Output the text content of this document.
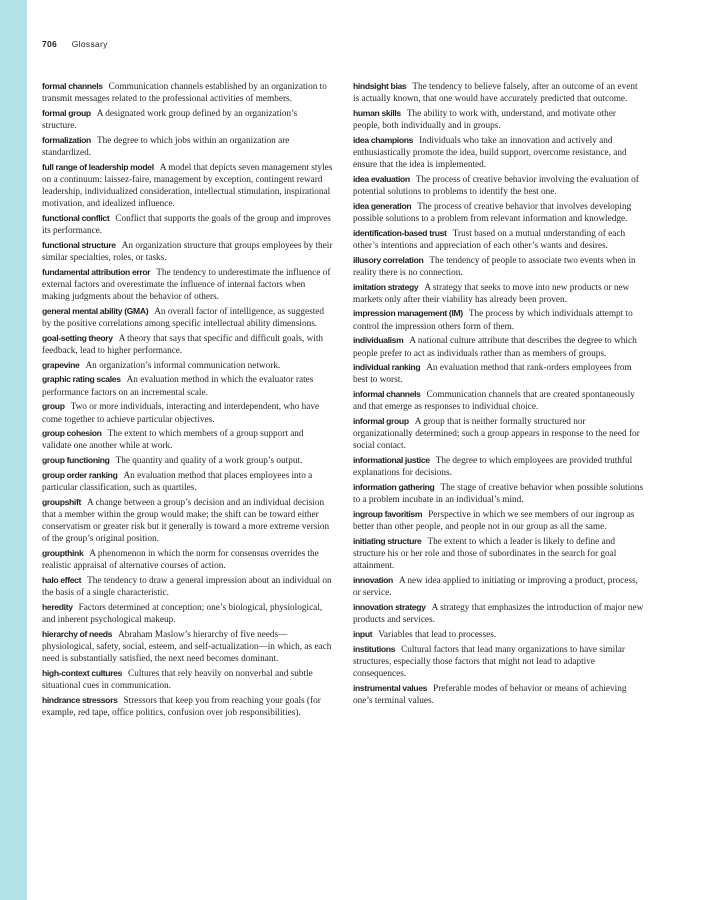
706 Glossary

formal channels Communication channels established by an organization to transmit messages related to the professional activities of members.

formal group A designated work group defined by an organization’s structure.

formalization The degree to which jobs within an organization are standardized.

full range of leadership model A model that depicts seven management styles on a continuum: laissez-faire, management by exception, contingent reward leadership, individualized consideration, intellectual stimulation, inspirational motivation, and idealized influence.

functional conflict Conflict that supports the goals of the group and improves its performance.

functional structure An organization structure that groups employees by their similar specialties, roles, or tasks.

fundamental attribution error The tendency to underestimate the influence of external factors and overestimate the influence of internal factors when making judgments about the behavior of others.

general mental ability (GMA) An overall factor of intelligence, as suggested by the positive correlations among specific intellectual ability dimensions.

goal-setting theory A theory that says that specific and difficult goals, with feedback, lead to higher performance.

grapevine An organization’s informal communication network.

graphic rating scales An evaluation method in which the evaluator rates performance factors on an incremental scale.

group Two or more individuals, interacting and interdependent, who have come together to achieve particular objectives.

group cohesion The extent to which members of a group support and validate one another while at work.

group functioning The quantity and quality of a work group’s output.

group order ranking An evaluation method that places employees into a particular classification, such as quartiles.

groupshift A change between a group’s decision and an individual decision that a member within the group would make; the shift can be toward either conservatism or greater risk but it generally is toward a more extreme version of the group’s original position.

groupthink A phenomenon in which the norm for consensus overrides the realistic appraisal of alternative courses of action.

halo effect The tendency to draw a general impression about an individual on the basis of a single characteristic.

heredity Factors determined at conception; one’s biological, physiological, and inherent psychological makeup.

hierarchy of needs Abraham Maslow’s hierarchy of five needs—physiological, safety, social, esteem, and self-actualization—in which, as each need is substantially satisfied, the next need becomes dominant.

high-context cultures Cultures that rely heavily on nonverbal and subtle situational cues in communication.

hindrance stressors Stressors that keep you from reaching your goals (for example, red tape, office politics, confusion over job responsibilities).

hindsight bias The tendency to believe falsely, after an outcome of an event is actually known, that one would have accurately predicted that outcome.

human skills The ability to work with, understand, and motivate other people, both individually and in groups.

idea champions Individuals who take an innovation and actively and enthusiastically promote the idea, build support, overcome resistance, and ensure that the idea is implemented.

idea evaluation The process of creative behavior involving the evaluation of potential solutions to problems to identify the best one.

idea generation The process of creative behavior that involves developing possible solutions to a problem from relevant information and knowledge.

identification-based trust Trust based on a mutual understanding of each other’s intentions and appreciation of each other’s wants and desires.

illusory correlation The tendency of people to associate two events when in reality there is no connection.

imitation strategy A strategy that seeks to move into new products or new markets only after their viability has already been proven.

impression management (IM) The process by which individuals attempt to control the impression others form of them.

individualism A national culture attribute that describes the degree to which people prefer to act as individuals rather than as members of groups.

individual ranking An evaluation method that rank-orders employees from best to worst.

informal channels Communication channels that are created spontaneously and that emerge as responses to individual choice.

informal group A group that is neither formally structured nor organizationally determined; such a group appears in response to the need for social contact.

informational justice The degree to which employees are provided truthful explanations for decisions.

information gathering The stage of creative behavior when possible solutions to a problem incubate in an individual’s mind.

ingroup favoritism Perspective in which we see members of our ingroup as better than other people, and people not in our group as all the same.

initiating structure The extent to which a leader is likely to define and structure his or her role and those of subordinates in the search for goal attainment.

innovation A new idea applied to initiating or improving a product, process, or service.

innovation strategy A strategy that emphasizes the introduction of major new products and services.

input Variables that lead to processes.

institutions Cultural factors that lead many organizations to have similar structures, especially those factors that might not lead to adaptive consequences.

instrumental values Preferable modes of behavior or means of achieving one’s terminal values.
